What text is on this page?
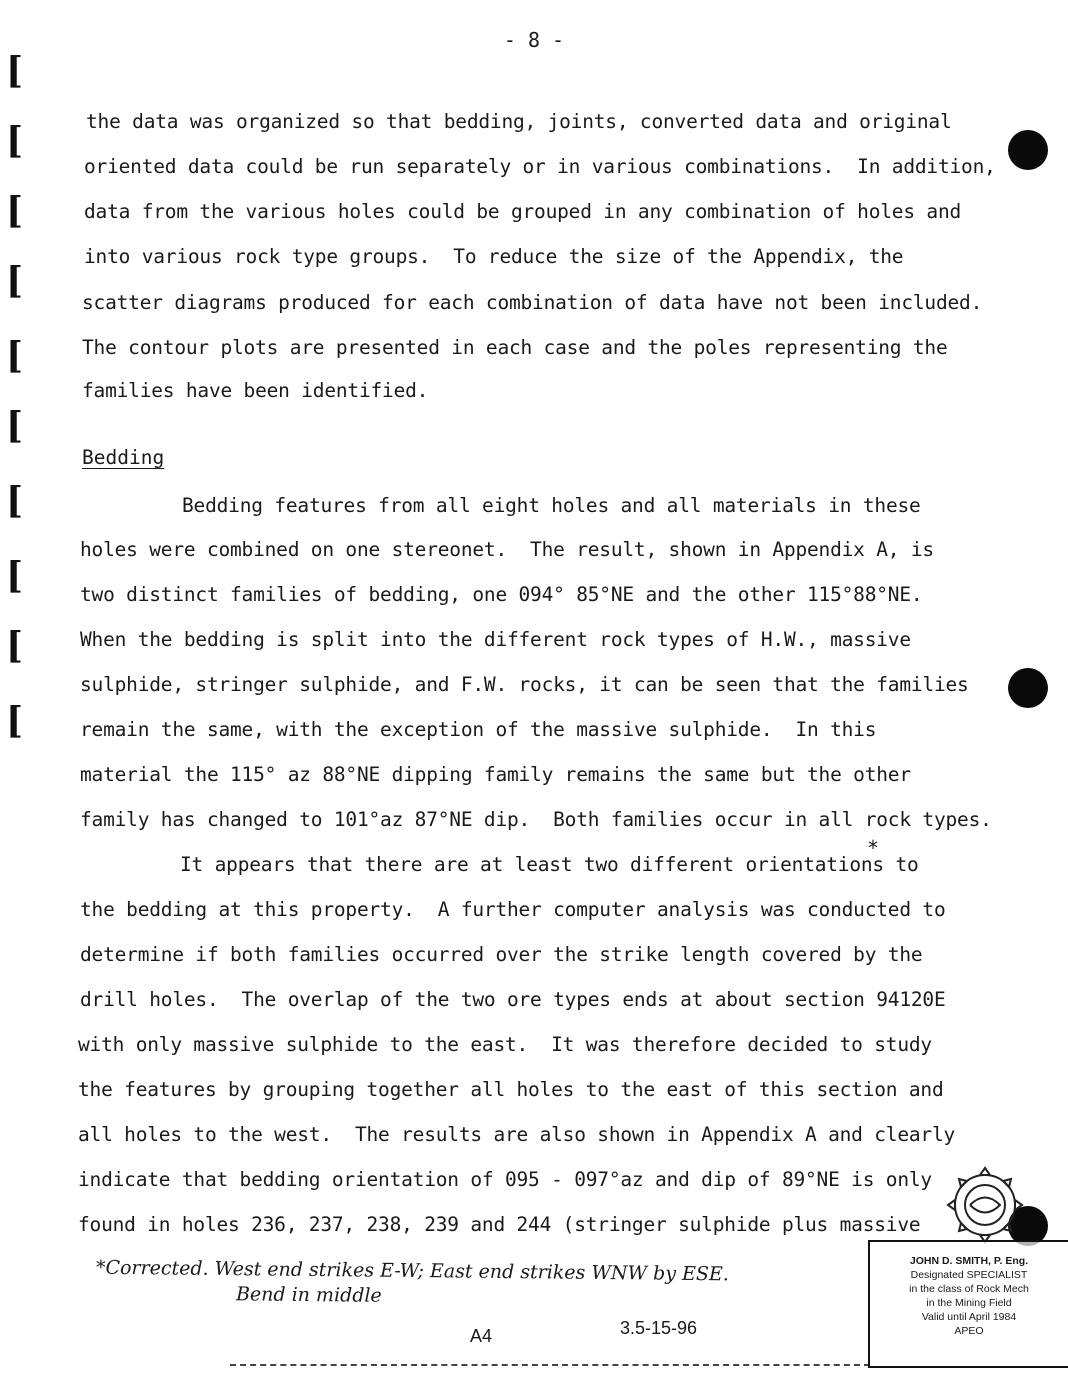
- 8 -
[
[
[
[
[
[
[
[
[
[
the data was organized so that bedding, joints, converted data and original
oriented data could be run separately or in various combinations.  In addition,
data from the various holes could be grouped in any combination of holes and
into various rock type groups.  To reduce the size of the Appendix, the
scatter diagrams produced for each combination of data have not been included.
The contour plots are presented in each case and the poles representing the
families have been identified.
Bedding
Bedding features from all eight holes and all materials in these
holes were combined on one stereonet.  The result, shown in Appendix A, is
two distinct families of bedding, one 094° 85°NE and the other 115°88°NE.
When the bedding is split into the different rock types of H.W., massive
sulphide, stringer sulphide, and F.W. rocks, it can be seen that the families
remain the same, with the exception of the massive sulphide.  In this
material the 115° az 88°NE dipping family remains the same but the other
family has changed to 101°az 87°NE dip.  Both families occur in all rock types.
*
It appears that there are at least two different orientations to
the bedding at this property.  A further computer analysis was conducted to
determine if both families occurred over the strike length covered by the
drill holes.  The overlap of the two ore types ends at about section 94120E
with only massive sulphide to the east.  It was therefore decided to study
the features by grouping together all holes to the east of this section and
all holes to the west.  The results are also shown in Appendix A and clearly
indicate that bedding orientation of 095 - 097°az and dip of 89°NE is only
found in holes 236, 237, 238, 239 and 244 (stringer sulphide plus massive
*Corrected. West end strikes E-W; East end strikes WNW by ESE.
Bend in middle
A4	3.5-15-96
JOHN D. SMITH, P. Eng.
Designated SPECIALIST
in the class of Rock Mech
in the Mining Field
Valid until April 1984
APEO
